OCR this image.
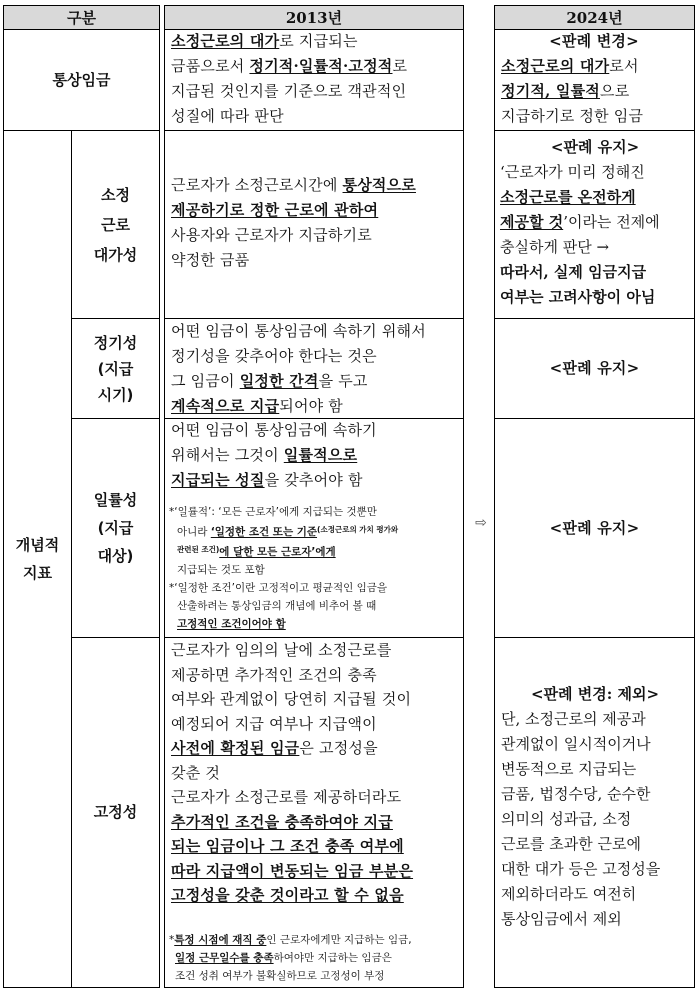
구분
통상임금
개념적 지표
소정 근로 대가성
정기성 (지급 시기)
일률성 (지급 대상)
고정성
2013년
소정근로의 대가로 지급되는
금품으로서 정기적·일률적·고정적로
지급된 것인지를 기준으로 객관적인
성질에 따라 판단
근로자가 소정근로시간에 통상적으로
제공하기로 정한 근로에 관하여
사용자와 근로자가 지급하기로
약정한 금품
어떤 임금이 통상임금에 속하기 위해서
정기성을 갖추어야 한다는 것은
그 임금이 일정한 간격을 두고
계속적으로 지급되어야 함
어떤 임금이 통상임금에 속하기
위해서는 그것이 일률적으로
지급되는 성질을 갖추어야 함
*‘일률적’: ‘모든 근로자’에게 지급되는 것뿐만
아니라 ‘일정한 조건 또는 기준$^{(소정근로의 가치 평가와}$
$^{관련된 조건)}$에 달한 모든 근로자’에게
지급되는 것도 포함
*‘일정한 조건’이란 고정적이고 평균적인 임금을
산출하려는 통상임금의 개념에 비추어 볼 때
고정적인 조건이어야 함
근로자가 임의의 날에 소정근로를
제공하면 추가적인 조건의 충족
여부와 관계없이 당연히 지급될 것이
예정되어 지급 여부나 지급액이
사전에 확정된 임금은 고정성을
갖춘 것
근로자가 소정근로를 제공하더라도
추가적인 조건을 충족하여야 지급
되는 임금이나 그 조건 충족 여부에
따라 지급액이 변동되는 임금 부분은
고정성을 갖춘 것이라고 할 수 없음
*특정 시점에 재직 중인 근로자에게만 지급하는 임금,
일정 근무일수를 충족하여야만 지급하는 임금은
조건 성취 여부가 불확실하므로 고정성이 부정
⇨
2024년
<판례 변경>
소정근로의 대가로서
정기적, 일률적으로
지급하기로 정한 임금
<판례 유지>
‘근로자가 미리 정해진
소정근로를 온전하게
제공할 것’이라는 전제에
충실하게 판단 →
따라서, 실제 임금지급
여부는 고려사항이 아님
<판례 유지>
<판례 유지>
<판례 변경: 제외>
단, 소정근로의 제공과
관계없이 일시적이거나
변동적으로 지급되는
금품, 법정수당, 순수한
의미의 성과급, 소정
근로를 초과한 근로에
대한 대가 등은 고정성을
제외하더라도 여전히
통상임금에서 제외
